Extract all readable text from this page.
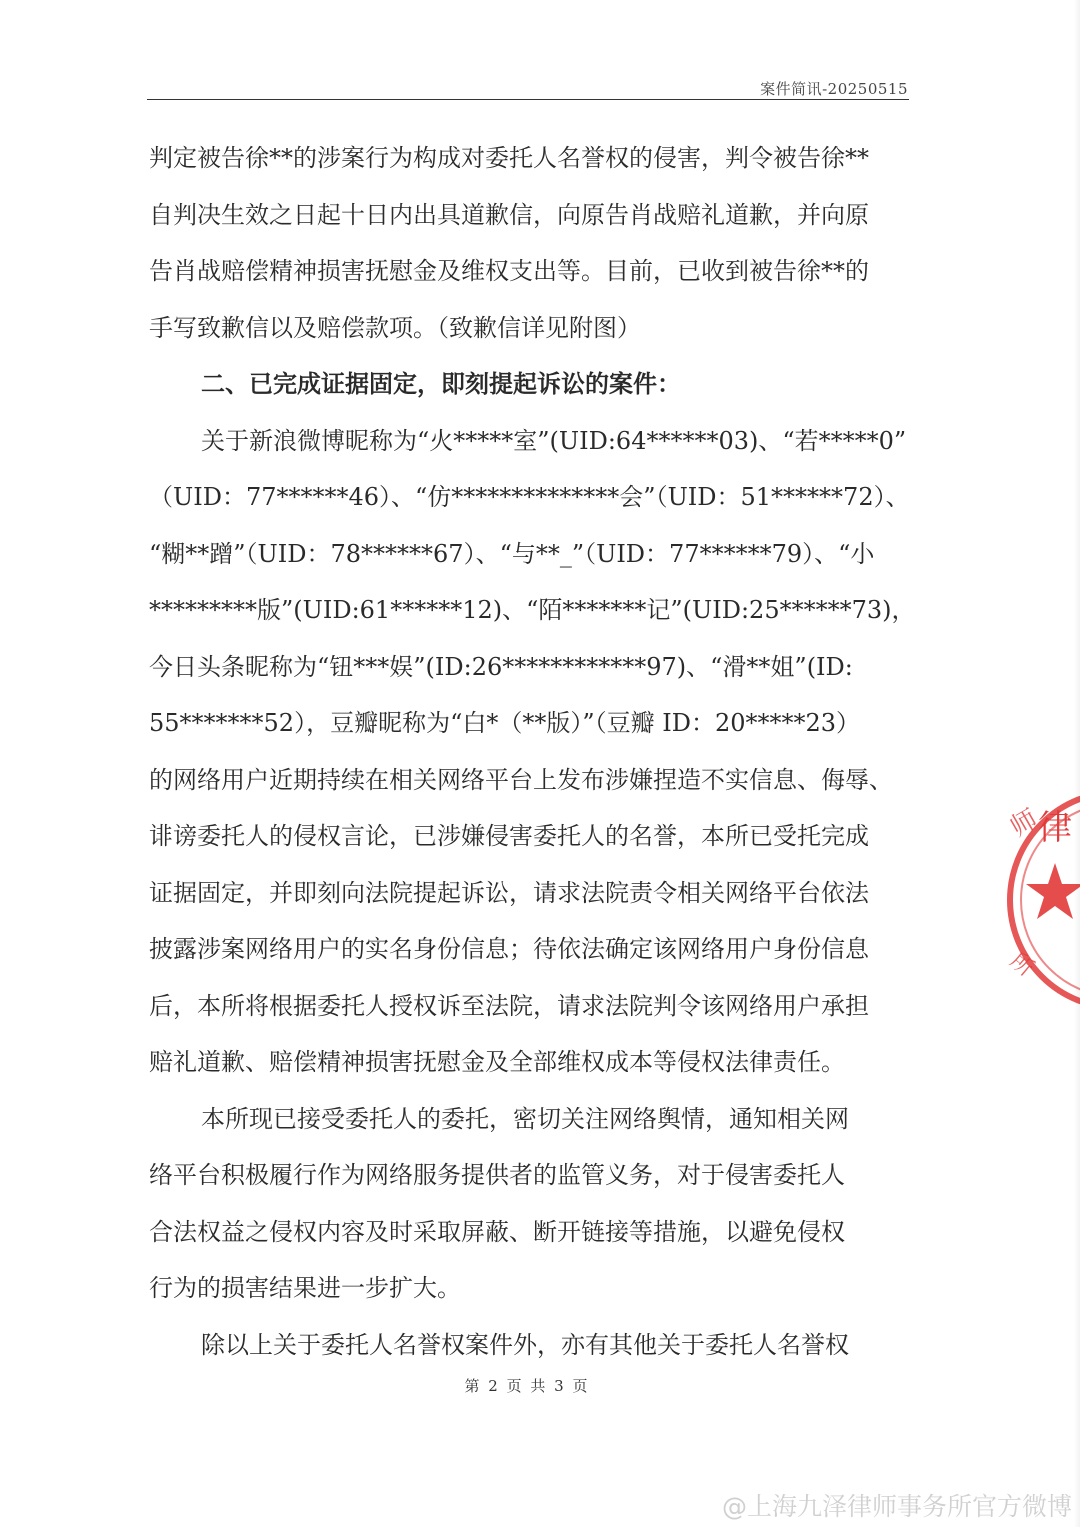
案件简讯-20250515
判定被告徐**的涉案行为构成对委托人名誉权的侵害，判令被告徐**
自判决生效之日起十日内出具道歉信，向原告肖战赔礼道歉，并向原
告肖战赔偿精神损害抚慰金及维权支出等。目前，已收到被告徐**的
手写致歉信以及赔偿款项。（致歉信详见附图）
二、已完成证据固定，即刻提起诉讼的案件：
关于新浪微博昵称为“火*****室”(UID:64******03)、“若*****0”
（UID：77******46）、“仿**************会”（UID：51******72）、
“糊**蹭”（UID：78******67）、“与**_”（UID：77******79）、“小
*********版”(UID:61******12)、“陌*******记”(UID:25******73)，
今日头条昵称为“钮***娱”(ID:26************97)、“滑**姐”(ID:
55*******52），豆瓣昵称为“白*（**版）”（豆瓣 ID：20*****23）
的网络用户近期持续在相关网络平台上发布涉嫌捏造不实信息、侮辱、
诽谤委托人的侵权言论，已涉嫌侵害委托人的名誉，本所已受托完成
证据固定，并即刻向法院提起诉讼，请求法院责令相关网络平台依法
披露涉案网络用户的实名身份信息；待依法确定该网络用户身份信息
后，本所将根据委托人授权诉至法院，请求法院判令该网络用户承担
赔礼道歉、赔偿精神损害抚慰金及全部维权成本等侵权法律责任。
本所现已接受委托人的委托，密切关注网络舆情，通知相关网
络平台积极履行作为网络服务提供者的监管义务，对于侵害委托人
合法权益之侵权内容及时采取屏蔽、断开链接等措施，以避免侵权
行为的损害结果进一步扩大。
除以上关于委托人名誉权案件外，亦有其他关于委托人名誉权
第 2 页 共 3 页
律
师
所
@上海九泽律师事务所官方微博
